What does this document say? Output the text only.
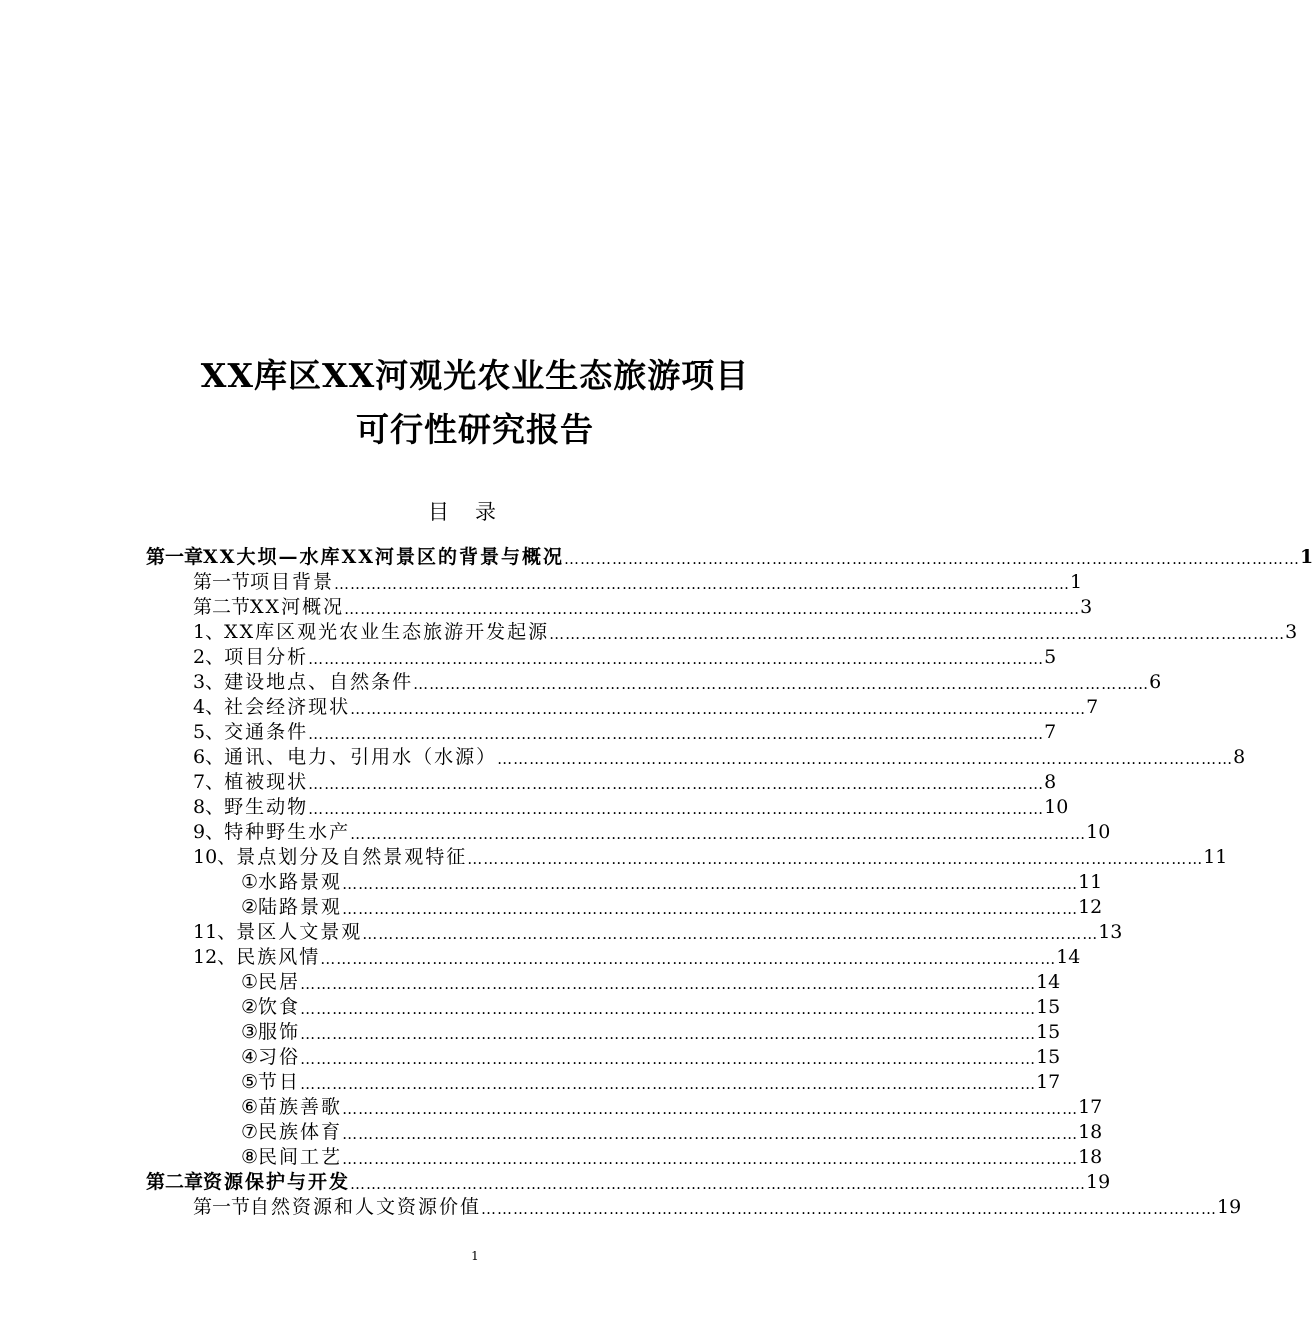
XX库区XX河观光农业生态旅游项目
可行性研究报告
目录
第一章 XX大坝—水库XX河景区的背景与概况 ………………………………………………………………………………………………………………………… 1
第一节 项目背景 ………………………………………………………………………………………………………………………… 1
第二节 XX河概况 ………………………………………………………………………………………………………………………… 3
1、 XX库区观光农业生态旅游开发起源 ………………………………………………………………………………………………………………………… 3
2、 项目分析 ………………………………………………………………………………………………………………………… 5
3、 建设地点、自然条件 ………………………………………………………………………………………………………………………… 6
4、 社会经济现状 ………………………………………………………………………………………………………………………… 7
5、 交通条件 ………………………………………………………………………………………………………………………… 7
6、 通讯、电力、引用水（水源） ………………………………………………………………………………………………………………………… 8
7、 植被现状 ………………………………………………………………………………………………………………………… 8
8、 野生动物 ………………………………………………………………………………………………………………………… 10
9、 特种野生水产 ………………………………………………………………………………………………………………………… 10
10、 景点划分及自然景观特征 ………………………………………………………………………………………………………………………… 11
① 水路景观 ………………………………………………………………………………………………………………………… 11
② 陆路景观 ………………………………………………………………………………………………………………………… 12
11、 景区人文景观 ………………………………………………………………………………………………………………………… 13
12、 民族风情 ………………………………………………………………………………………………………………………… 14
① 民居 ………………………………………………………………………………………………………………………… 14
② 饮食 ………………………………………………………………………………………………………………………… 15
③ 服饰 ………………………………………………………………………………………………………………………… 15
④ 习俗 ………………………………………………………………………………………………………………………… 15
⑤ 节日 ………………………………………………………………………………………………………………………… 17
⑥ 苗族善歌 ………………………………………………………………………………………………………………………… 17
⑦ 民族体育 ………………………………………………………………………………………………………………………… 18
⑧ 民间工艺 ………………………………………………………………………………………………………………………… 18
第二章 资源保护与开发 ………………………………………………………………………………………………………………………… 19
第一节 自然资源和人文资源价值 ………………………………………………………………………………………………………………………… 19
1
